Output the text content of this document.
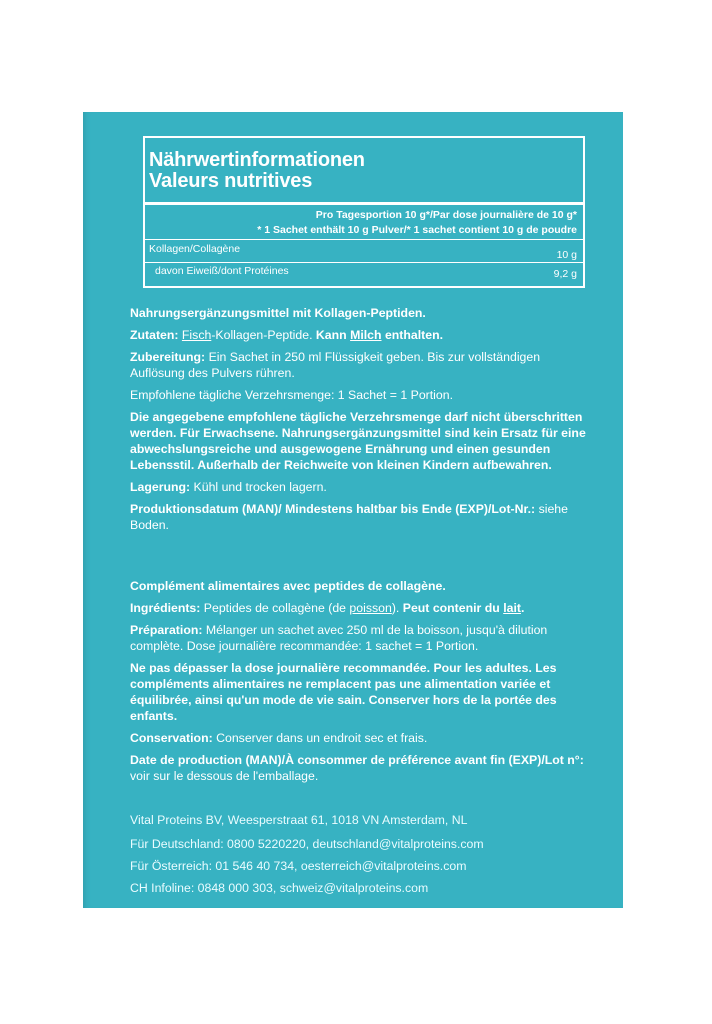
Nährwertinformationen
Valeurs nutritives
Pro Tagesportion 10 g*/Par dose journalière de 10 g*
* 1 Sachet enthält 10 g Pulver/* 1 sachet contient 10 g de poudre
Kollagen/Collagène	10 g
davon Eiweiß/dont Protéines	9,2 g

Nahrungsergänzungsmittel mit Kollagen-Peptiden.

Zutaten: Fisch-Kollagen-Peptide. Kann Milch enthalten.

Zubereitung: Ein Sachet in 250 ml Flüssigkeit geben. Bis zur vollständigen Auflösung des Pulvers rühren.

Empfohlene tägliche Verzehrsmenge: 1 Sachet = 1 Portion.

Die angegebene empfohlene tägliche Verzehrsmenge darf nicht überschritten werden. Für Erwachsene. Nahrungsergänzungsmittel sind kein Ersatz für eine abwechslungsreiche und ausgewogene Ernährung und einen gesunden Lebensstil. Außerhalb der Reichweite von kleinen Kindern aufbewahren.

Lagerung: Kühl und trocken lagern.

Produktionsdatum (MAN)/ Mindestens haltbar bis Ende (EXP)/Lot-Nr.: siehe Boden.

Complément alimentaires avec peptides de collagène.

Ingrédients: Peptides de collagène (de poisson). Peut contenir du lait.

Préparation: Mélanger un sachet avec 250 ml de la boisson, jusqu'à dilution complète. Dose journalière recommandée: 1 sachet = 1 Portion.

Ne pas dépasser la dose journalière recommandée. Pour les adultes. Les compléments alimentaires ne remplacent pas une alimentation variée et équilibrée, ainsi qu'un mode de vie sain. Conserver hors de la portée des enfants.

Conservation: Conserver dans un endroit sec et frais.

Date de production (MAN)/À consommer de préférence avant fin (EXP)/Lot n°: voir sur le dessous de l'emballage.

Vital Proteins BV, Weesperstraat 61, 1018 VN Amsterdam, NL
Für Deutschland: 0800 5220220, deutschland@vitalproteins.com
Für Österreich: 01 546 40 734, oesterreich@vitalproteins.com
CH Infoline: 0848 000 303, schweiz@vitalproteins.com
